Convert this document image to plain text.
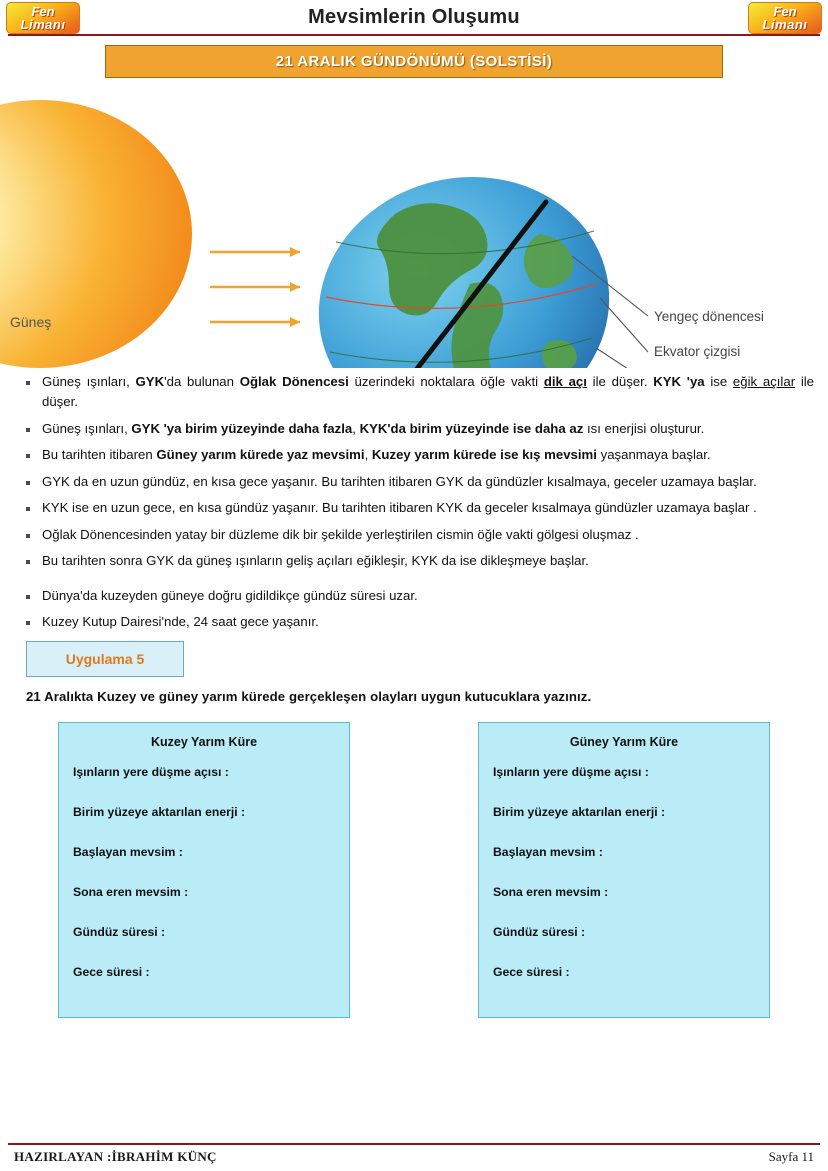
Fen
Limanı	Mevsimlerin Oluşumu	Fen
Limanı
21 ARALIK GÜNDÖNÜMÜ (SOLSTİSİ)
Güneş	Yengeç dönencesi
Ekvator çizgisi
Güneş ışınları, GYK'da bulunan Oğlak Dönencesi üzerindeki noktalara öğle vakti dik açı ile düşer. KYK 'ya ise eğik açılar ile düşer.
Güneş ışınları, GYK 'ya birim yüzeyinde daha fazla, KYK'da birim yüzeyinde ise daha az ısı enerjisi oluşturur.
Bu tarihten itibaren Güney yarım kürede yaz mevsimi, Kuzey yarım kürede ise kış mevsimi yaşanmaya başlar.
GYK da en uzun gündüz, en kısa gece yaşanır. Bu tarihten itibaren GYK da gündüzler kısalmaya, geceler uzamaya başlar.
KYK ise en uzun gece, en kısa gündüz yaşanır. Bu tarihten itibaren KYK da geceler kısalmaya gündüzler uzamaya başlar .
Oğlak Dönencesinden yatay bir düzleme dik bir şekilde yerleştirilen cismin öğle vakti gölgesi oluşmaz .
Bu tarihten sonra GYK da güneş ışınların geliş açıları eğikleşir, KYK da ise dikleşmeye başlar.
Dünya'da kuzeyden güneye doğru gidildikçe gündüz süresi uzar.
Kuzey Kutup Dairesi'nde, 24 saat gece yaşanır.
Uygulama 5
21 Aralıkta Kuzey ve güney yarım kürede gerçekleşen olayları uygun kutucuklara yazınız.
Kuzey Yarım Küre
Işınların yere düşme açısı :
Birim yüzeye aktarılan enerji :
Başlayan mevsim :
Sona eren mevsim :
Gündüz süresi :
Gece süresi :
Güney Yarım Küre
Işınların yere düşme açısı :
Birim yüzeye aktarılan enerji :
Başlayan mevsim :
Sona eren mevsim :
Gündüz süresi :
Gece süresi :
HAZIRLAYAN :İBRAHİM KÜNÇ	Sayfa 11
